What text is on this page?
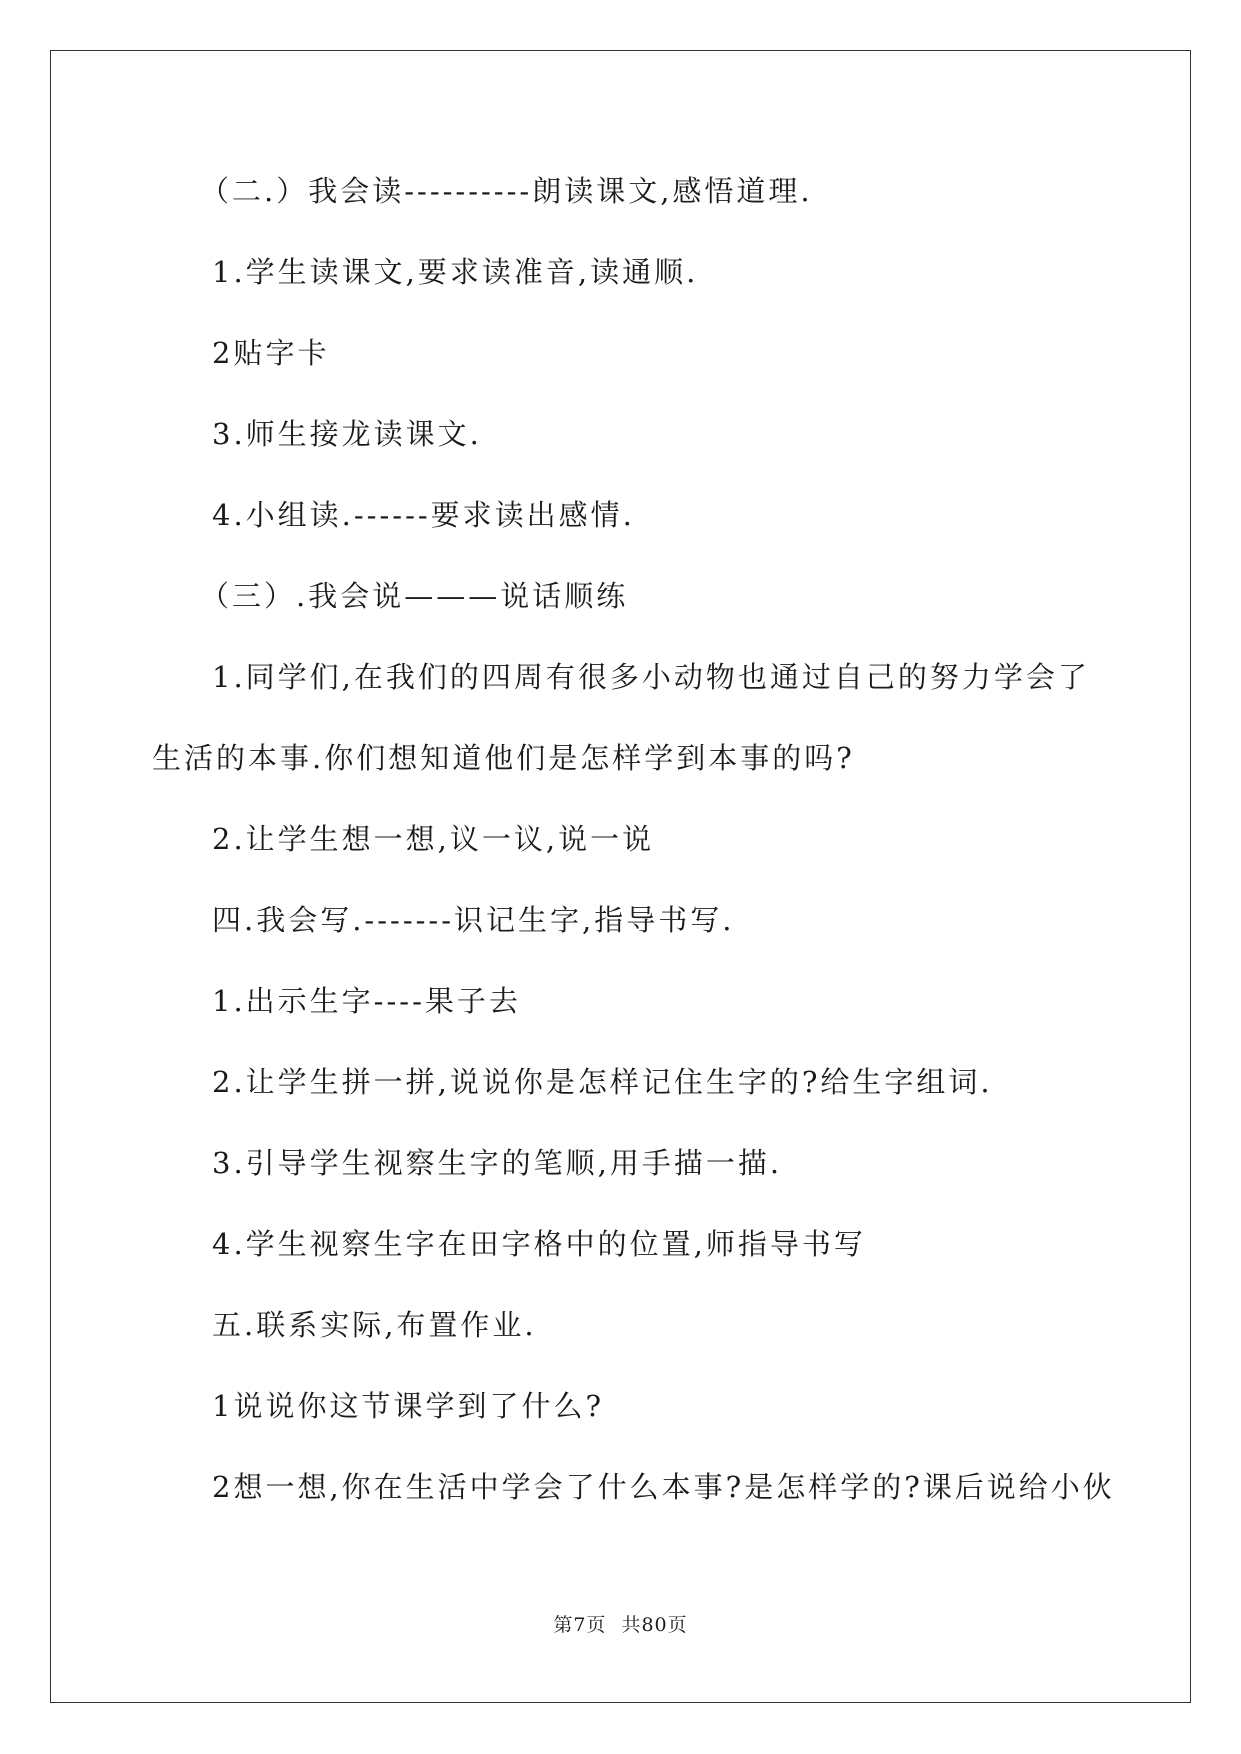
（二.）我会读----------朗读课文,感悟道理.
1.学生读课文,要求读准音,读通顺.
2贴字卡
3.师生接龙读课文.
4.小组读.------要求读出感情.
（三）.我会说———说话顺练
1.同学们,在我们的四周有很多小动物也通过自己的努力学会了
生活的本事.你们想知道他们是怎样学到本事的吗?
2.让学生想一想,议一议,说一说
四.我会写.-------识记生字,指导书写.
1.出示生字----果子去
2.让学生拼一拼,说说你是怎样记住生字的?给生字组词.
3.引导学生视察生字的笔顺,用手描一描.
4.学生视察生字在田字格中的位置,师指导书写
五.联系实际,布置作业.
1说说你这节课学到了什么?
2想一想,你在生活中学会了什么本事?是怎样学的?课后说给小伙
第7页 共80页
